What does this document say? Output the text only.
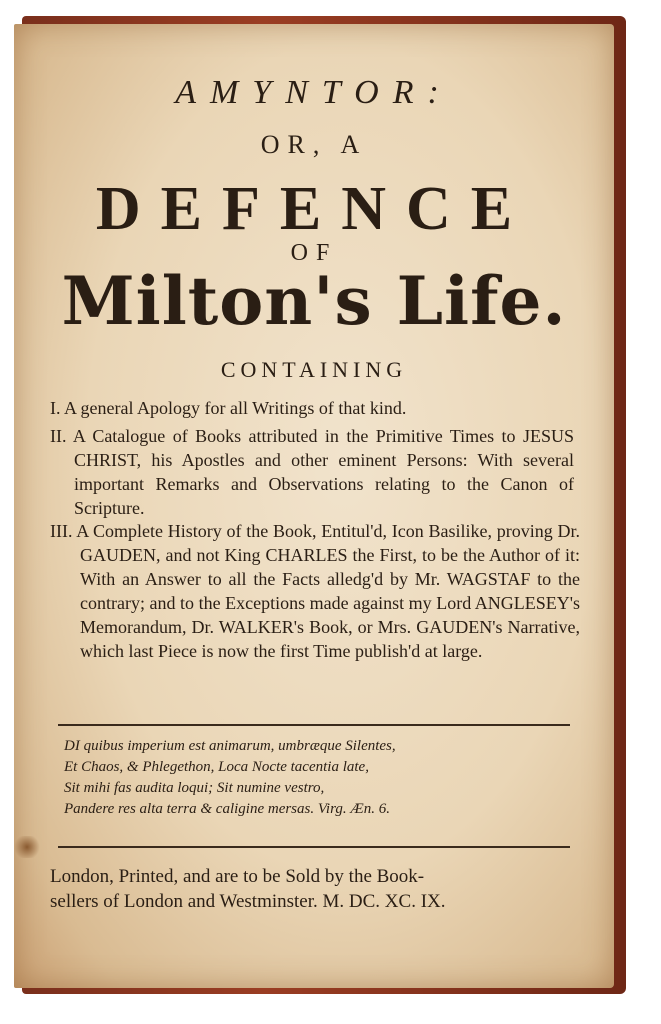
AMYNTOR:
OR, A
DEFENCE
OF
Milton's Life.
CONTAINING
I. A general Apology for all Writings of that kind.
II. A Catalogue of Books attributed in the Primitive Times to JESUS CHRIST, his Apostles and other eminent Persons: With several important Remarks and Observations relating to the Canon of Scripture.
III. A Complete History of the Book, Entitul'd, Icon Basilike, proving Dr. GAUDEN, and not King CHARLES the First, to be the Author of it: With an Answer to all the Facts alledg'd by Mr. WAGSTAF to the contrary; and to the Exceptions made against my Lord ANGLESEY's Memorandum, Dr. WALKER's Book, or Mrs. GAUDEN's Narrative, which last Piece is now the first Time publish'd at large.
DI quibus imperium est animarum, umbræque Silentes,
Et Chaos, & Phlegethon, Loca Nocte tacentia late,
Sit mihi fas audita loqui; Sit numine vestro,
Pandere res alta terra & caligine mersas. Virg. Æn. 6.
London, Printed, and are to be Sold by the Book-
sellers of London and Westminster. M. DC. XC. IX.
